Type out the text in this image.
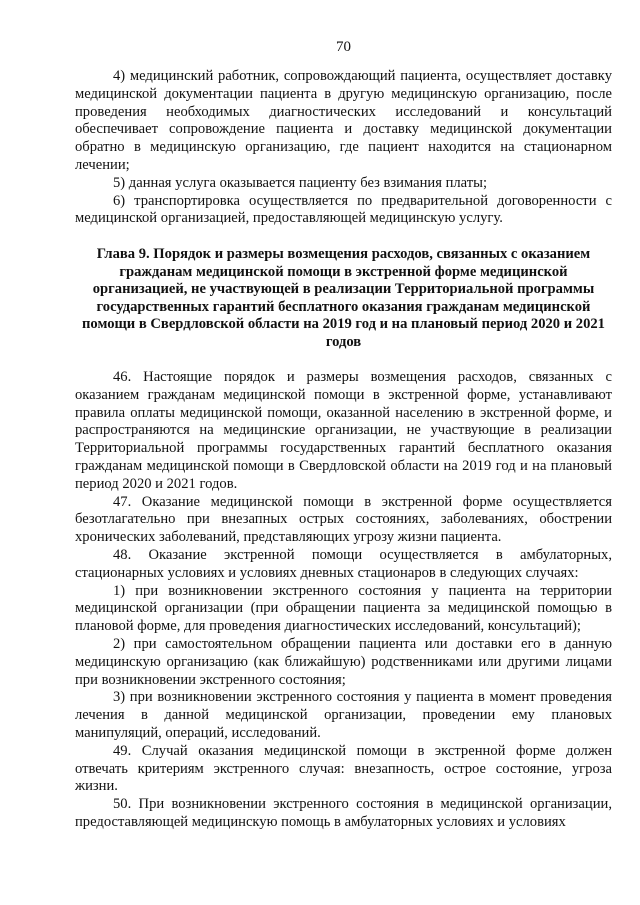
70

4) медицинский работник, сопровождающий пациента, осуществляет доставку медицинской документации пациента в другую медицинскую организацию, после проведения необходимых диагностических исследований и консультаций обеспечивает сопровождение пациента и доставку медицинской документации обратно в медицинскую организацию, где пациент находится на стационарном лечении;

5) данная услуга оказывается пациенту без взимания платы;

6) транспортировка осуществляется по предварительной договоренности с медицинской организацией, предоставляющей медицинскую услугу.

Глава 9. Порядок и размеры возмещения расходов, связанных с оказанием гражданам медицинской помощи в экстренной форме медицинской организацией, не участвующей в реализации Территориальной программы государственных гарантий бесплатного оказания гражданам медицинской помощи в Свердловской области на 2019 год и на плановый период 2020 и 2021 годов

46. Настоящие порядок и размеры возмещения расходов, связанных с оказанием гражданам медицинской помощи в экстренной форме, устанавливают правила оплаты медицинской помощи, оказанной населению в экстренной форме, и распространяются на медицинские организации, не участвующие в реализации Территориальной программы государственных гарантий бесплатного оказания гражданам медицинской помощи в Свердловской области на 2019 год и на плановый период 2020 и 2021 годов.

47. Оказание медицинской помощи в экстренной форме осуществляется безотлагательно при внезапных острых состояниях, заболеваниях, обострении хронических заболеваний, представляющих угрозу жизни пациента.

48. Оказание экстренной помощи осуществляется в амбулаторных, стационарных условиях и условиях дневных стационаров в следующих случаях:

1) при возникновении экстренного состояния у пациента на территории медицинской организации (при обращении пациента за медицинской помощью в плановой форме, для проведения диагностических исследований, консультаций);

2) при самостоятельном обращении пациента или доставки его в данную медицинскую организацию (как ближайшую) родственниками или другими лицами при возникновении экстренного состояния;

3) при возникновении экстренного состояния у пациента в момент проведения лечения в данной медицинской организации, проведении ему плановых манипуляций, операций, исследований.

49. Случай оказания медицинской помощи в экстренной форме должен отвечать критериям экстренного случая: внезапность, острое состояние, угроза жизни.

50. При возникновении экстренного состояния в медицинской организации, предоставляющей медицинскую помощь в амбулаторных условиях и условиях
